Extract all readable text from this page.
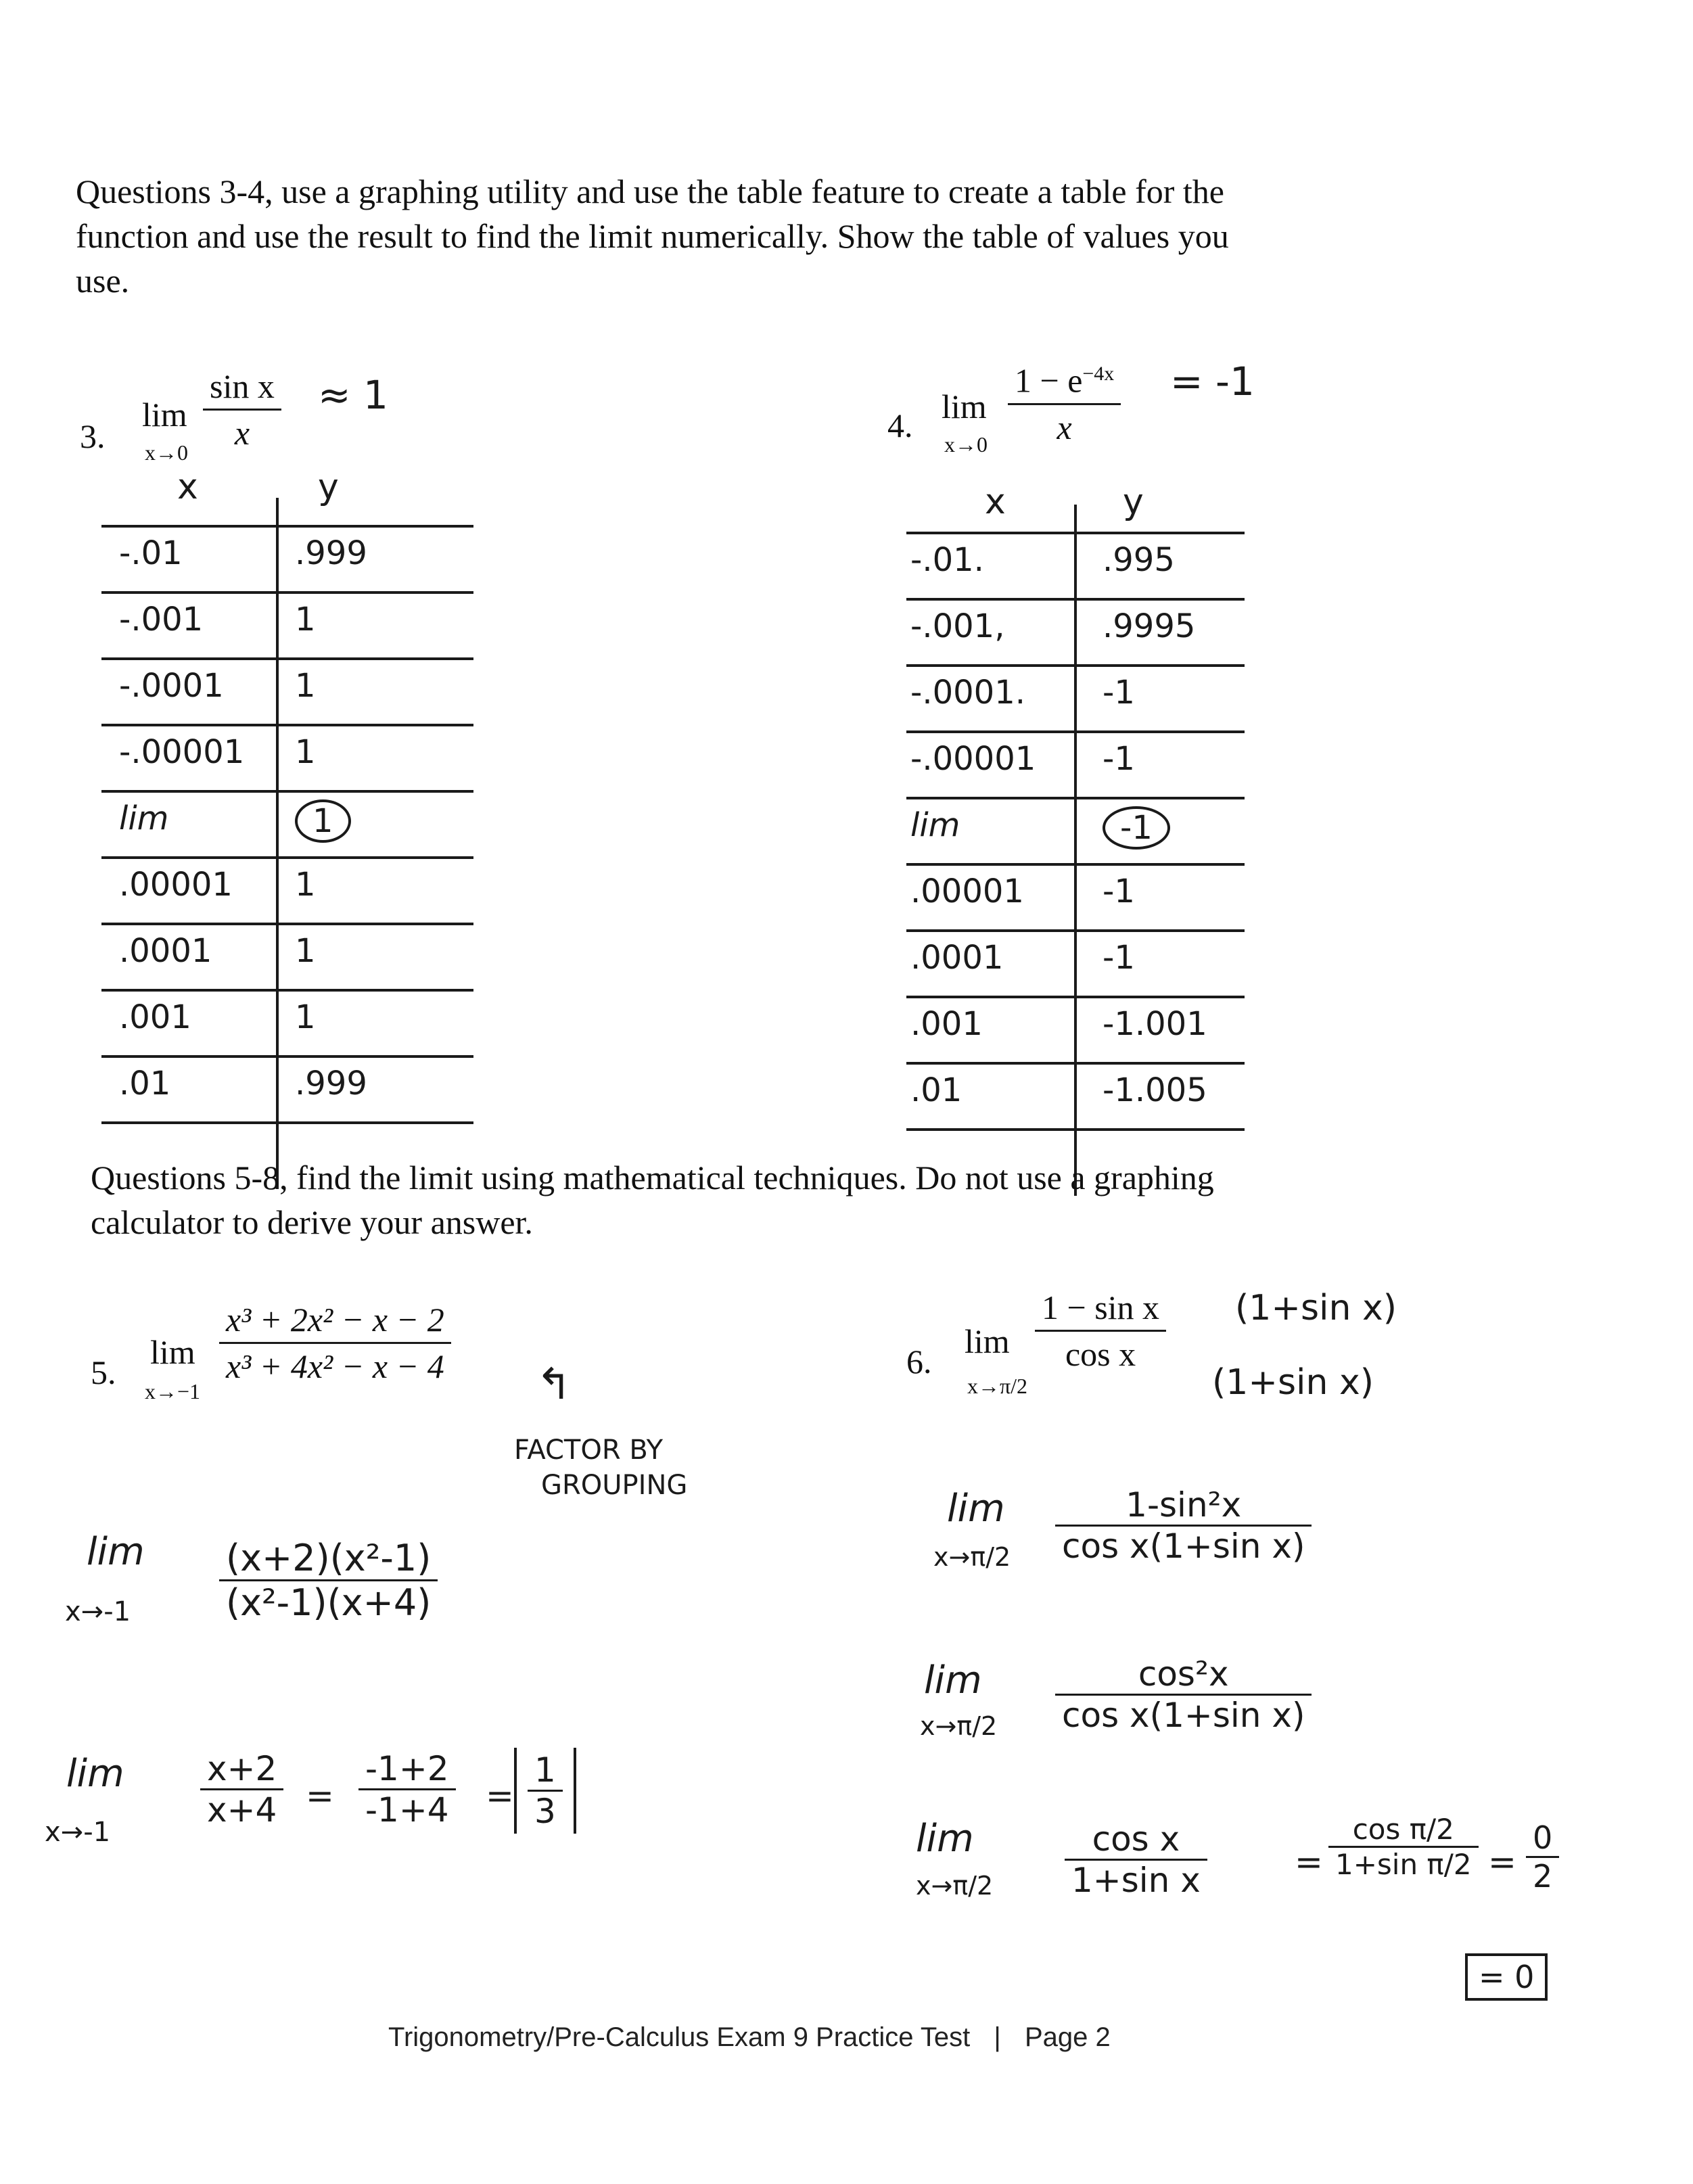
Questions 3-4, use a graphing utility and use the table feature to create a table for the
function and use the result to find the limit numerically. Show the table of values you
use.
3.
lim
x→0
sin x
x
≈ 1
x	y
-.01	.999
-.001	1
-.0001 1
-.00001 1
lim	1
.00001 1
.0001	1
.001	1
.01	.999
4. lim
x→0
$1 - e^{-4x}$
x
= -1
x	y
-.01.	.995
-.001,	.9995
-.0001. -1
-.00001 -1
lim	-1
.00001 -1
.0001	-1
.001	-1.001
.01	-1.005
Questions 5-8, find the limit using mathematical techniques. Do not use a graphing
calculator to derive your answer.
5.
lim
x→−1
x³ + 2x² − x − 2
x³ + 4x² − x − 4 ↰
FACTOR BY
GROUPING
lim
x→-1
(x+2)(x²-1)
(x²-1)(x+4)
lim
x→-1
x+2
x+4 =
-1+2
-1+4 =
1
3
6.
lim
x→π/2
1 − sin x
cos x
(1+sin x)
(1+sin x)
lim
x→π/2
1-sin²x
cos x(1+sin x)
lim
x→π/2
cos²x
cos x(1+sin x)
lim
x→π/2
cos x
1+sin x	=
cos π/2
1+sin π/2 =
0
2
= 0
Trigonometry/Pre-Calculus Exam 9 Practice Test | Page 2
